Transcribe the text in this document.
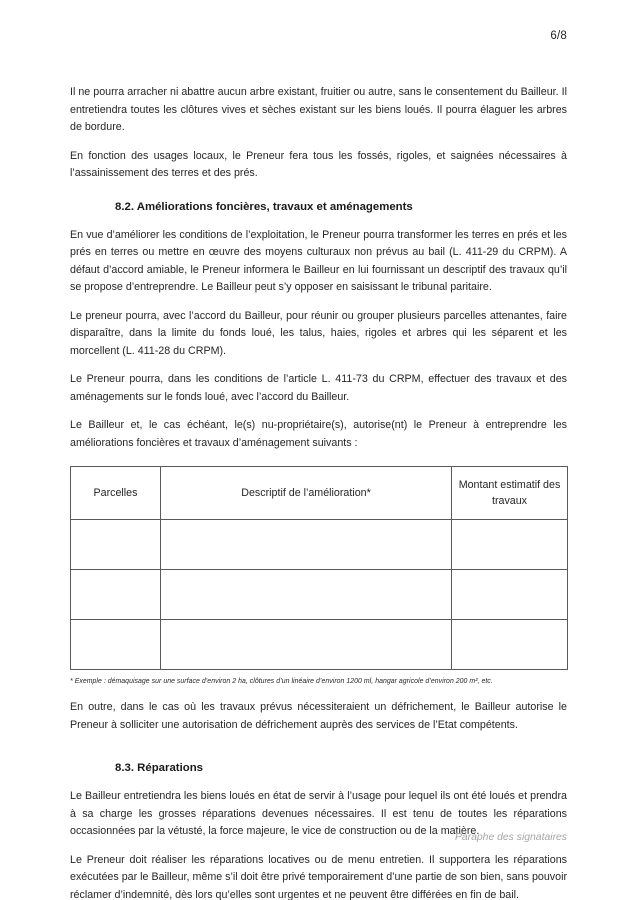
6/8

Il ne pourra arracher ni abattre aucun arbre existant, fruitier ou autre, sans le consentement du Bailleur. Il entretiendra toutes les clôtures vives et sèches existant sur les biens loués. Il pourra élaguer les arbres de bordure.

En fonction des usages locaux, le Preneur fera tous les fossés, rigoles, et saignées nécessaires à l’assainissement des terres et des prés.

8.2. Améliorations foncières, travaux et aménagements

En vue d’améliorer les conditions de l’exploitation, le Preneur pourra transformer les terres en prés et les prés en terres ou mettre en œuvre des moyens culturaux non prévus au bail (L. 411-29 du CRPM). A défaut d’accord amiable, le Preneur informera le Bailleur en lui fournissant un descriptif des travaux qu’il se propose d’entreprendre. Le Bailleur peut s’y opposer en saisissant le tribunal paritaire.

Le preneur pourra, avec l’accord du Bailleur, pour réunir ou grouper plusieurs parcelles attenantes, faire disparaître, dans la limite du fonds loué, les talus, haies, rigoles et arbres qui les séparent et les morcellent (L. 411-28 du CRPM).

Le Preneur pourra, dans les conditions de l’article L. 411-73 du CRPM, effectuer des travaux et des aménagements sur le fonds loué, avec l’accord du Bailleur.

Le Bailleur et, le cas échéant, le(s) nu-propriétaire(s), autorise(nt) le Preneur à entreprendre les améliorations foncières et travaux d’aménagement suivants :

Parcelles	Descriptif de l’amélioration*	Montant estimatif des travaux

* Exemple : démaquisage sur une surface d’environ 2 ha, clôtures d’un linéaire d’environ 1200 ml, hangar agricole d’environ 200 m², etc.

En outre, dans le cas où les travaux prévus nécessiteraient un défrichement, le Bailleur autorise le Preneur à solliciter une autorisation de défrichement auprès des services de l’Etat compétents.

8.3. Réparations

Le Bailleur entretiendra les biens loués en état de servir à l’usage pour lequel ils ont été loués et prendra à sa charge les grosses réparations devenues nécessaires. Il est tenu de toutes les réparations occasionnées par la vétusté, la force majeure, le vice de construction ou de la matière.

Le Preneur doit réaliser les réparations locatives ou de menu entretien. Il supportera les réparations exécutées par le Bailleur, même s’il doit être privé temporairement d’une partie de son bien, sans pouvoir réclamer d’indemnité, dès lors qu’elles sont urgentes et ne peuvent être différées en fin de bail.

Paraphe des signataires
